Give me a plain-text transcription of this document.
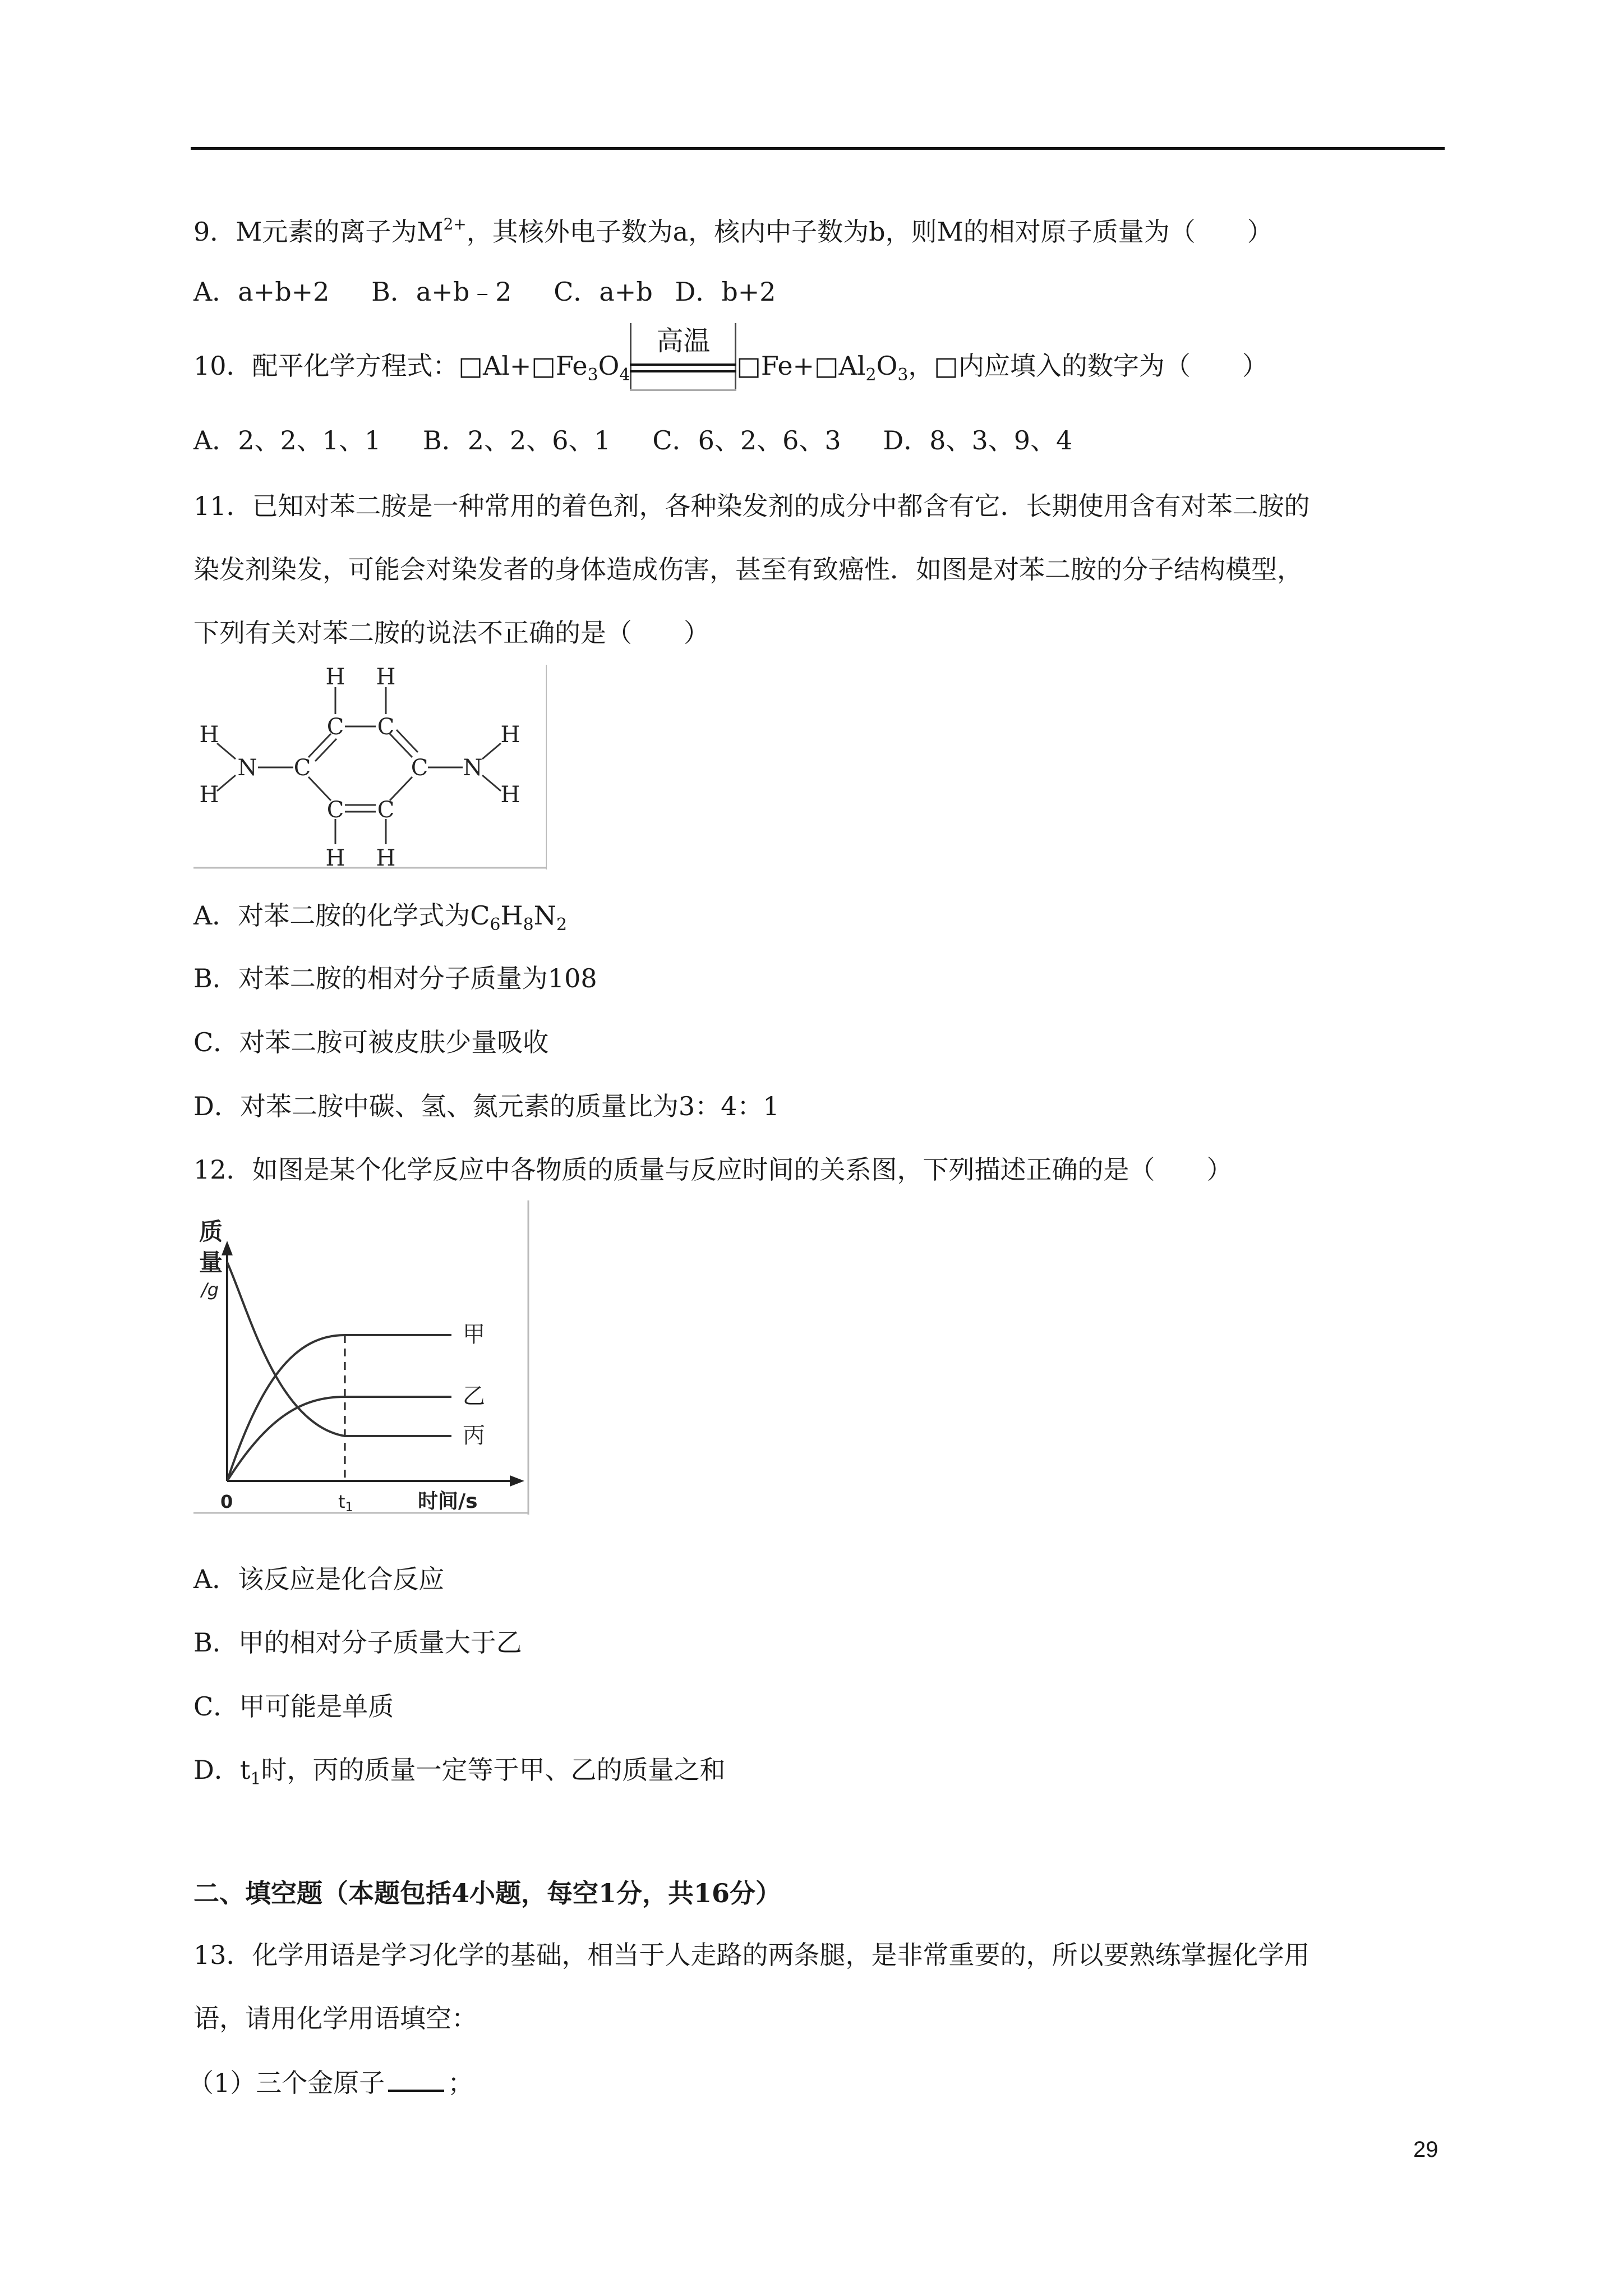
9．M元素的离子为$M^{2+}$，其核外电子数为a，核内中子数为b，则M的相对原子质量为（　　）
A．a+b+2 B．a+b﹣2 C．a+b D．b+2
10．配平化学方程式：$□Al+□Fe_3O_4$
高温
$□Fe+□Al_2O_3$，□内应填入的数字为（　　）
A．2、2、1、1 B．2、2、6、1 C．6、2、6、3 D．8、3、9、4
11．已知对苯二胺是一种常用的着色剂，各种染发剂的成分中都含有它．长期使用含有对苯二胺的
染发剂染发，可能会对染发者的身体造成伤害，甚至有致癌性．如图是对苯二胺的分子结构模型，
下列有关对苯二胺的说法不正确的是（　　）
H H
C C
H
H
N C	C N
H
H
C C
H H
A．对苯二胺的化学式为$C_6H_8N_2$
B．对苯二胺的相对分子质量为108
C．对苯二胺可被皮肤少量吸收
D．对苯二胺中碳、氢、氮元素的质量比为3：4：1
12．如图是某个化学反应中各物质的质量与反应时间的关系图，下列描述正确的是（　　）
质
量
/g
甲
乙
丙
0	t1	时间/s
A．该反应是化合反应
B．甲的相对分子质量大于乙
C．甲可能是单质
D．$t_1$时，丙的质量一定等于甲、乙的质量之和
二、填空题（本题包括4小题，每空1分，共16分）
13．化学用语是学习化学的基础，相当于人走路的两条腿，是非常重要的，所以要熟练掌握化学用
语，请用化学用语填空：
（1）三个金原子 ；
29
